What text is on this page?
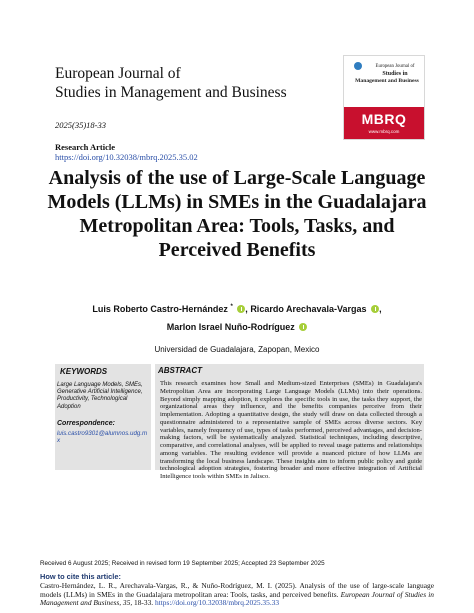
European Journal of
Studies in Management and Business
European Journal of
Studies in
Management and Business
MBRQ
www.mbrq.com
2025(35)18-33
Research Article
https://doi.org/10.32038/mbrq.2025.35.02
Analysis of the use of Large-Scale Language Models (LLMs) in SMEs in the Guadalajara Metropolitan Area: Tools, Tasks, and Perceived Benefits
Luis Roberto Castro-Hernández * , Ricardo Arechavala-Vargas ,
Marlon Israel Nuño-Rodríguez
Universidad de Guadalajara, Zapopan, Mexico
KEYWORDS
Large Language Models, SMEs, Generative Artificial Intelligence, Productivity, Technological Adoption
Correspondence:
luis.castro9301@alumnos.udg.mx
ABSTRACT
This research examines how Small and Medium-sized Enterprises (SMEs) in Guadalajara's Metropolitan Area are incorporating Large Language Models (LLMs) into their operations. Beyond simply mapping adoption, it explores the specific tools in use, the tasks they support, the organizational areas they influence, and the benefits companies perceive from their implementation. Adopting a quantitative design, the study will draw on data collected through a questionnaire administered to a representative sample of SMEs across diverse sectors. Key variables, namely frequency of use, types of tasks performed, perceived advantages, and decision-making factors, will be systematically analyzed. Statistical techniques, including descriptive, comparative, and correlational analyses, will be applied to reveal usage patterns and relationships among variables. The resulting evidence will provide a nuanced picture of how LLMs are transforming the local business landscape. These insights aim to inform public policy and guide technological adoption strategies, fostering broader and more effective integration of Artificial Intelligence tools within SMEs in Jalisco.
Received 6 August 2025; Received in revised form 19 September 2025; Accepted 23 September 2025
How to cite this article:
Castro-Hernández, L. R., Arechavala-Vargas, R., & Nuño-Rodríguez, M. I. (2025). Analysis of the use of large-scale language models (LLMs) in SMEs in the Guadalajara metropolitan area: Tools, tasks, and perceived benefits. European Journal of Studies in Management and Business, 35, 18-33. https://doi.org/10.32038/mbrq.2025.35.33
